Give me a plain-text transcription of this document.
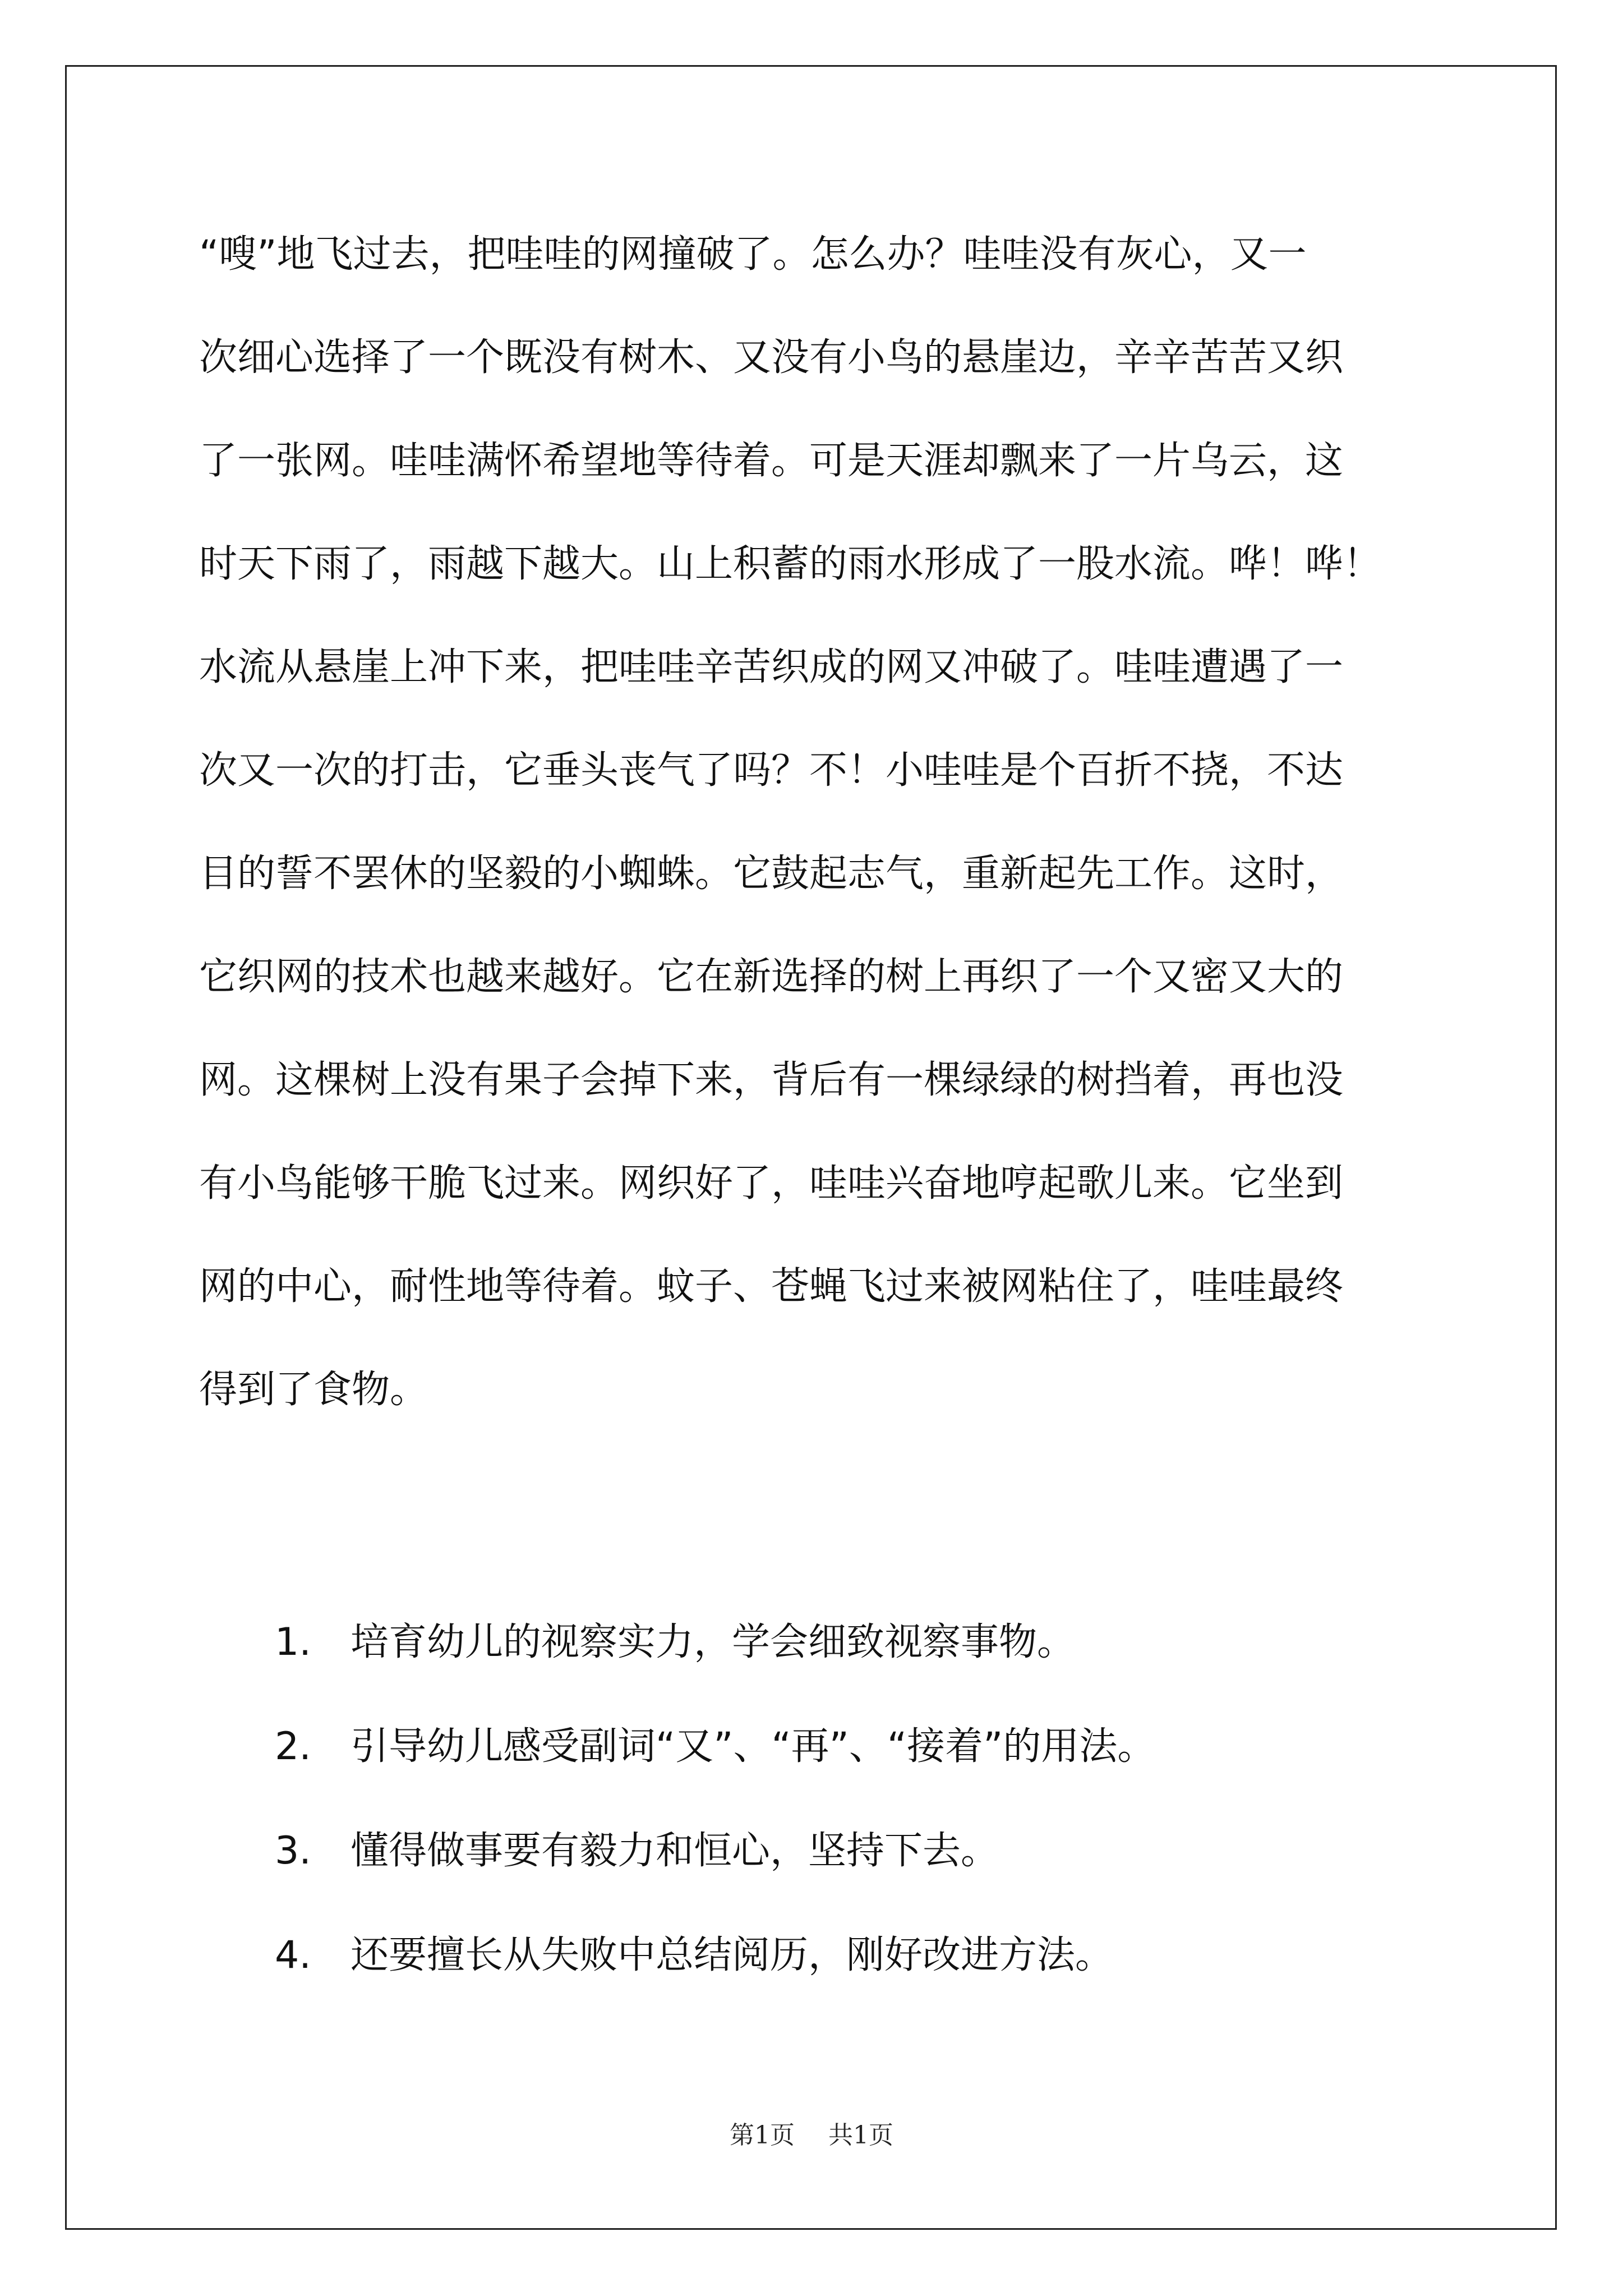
“嗖”地飞过去，把哇哇的网撞破了。怎么办？哇哇没有灰心，又一
次细心选择了一个既没有树木、又没有小鸟的悬崖边，辛辛苦苦又织
了一张网。哇哇满怀希望地等待着。可是天涯却飘来了一片乌云，这
时天下雨了，雨越下越大。山上积蓄的雨水形成了一股水流。哗！哗！
水流从悬崖上冲下来，把哇哇辛苦织成的网又冲破了。哇哇遭遇了一
次又一次的打击，它垂头丧气了吗？不！小哇哇是个百折不挠，不达
目的誓不罢休的坚毅的小蜘蛛。它鼓起志气，重新起先工作。这时，
它织网的技术也越来越好。它在新选择的树上再织了一个又密又大的
网。这棵树上没有果子会掉下来，背后有一棵绿绿的树挡着，再也没
有小鸟能够干脆飞过来。网织好了，哇哇兴奋地哼起歌儿来。它坐到
网的中心，耐性地等待着。蚊子、苍蝇飞过来被网粘住了，哇哇最终
得到了食物。
1.	培育幼儿的视察实力，学会细致视察事物。
2.	引导幼儿感受副词“又”、“再”、“接着”的用法。
3.	懂得做事要有毅力和恒心，坚持下去。
4.	还要擅长从失败中总结阅历，刚好改进方法。
第1页 共1页
